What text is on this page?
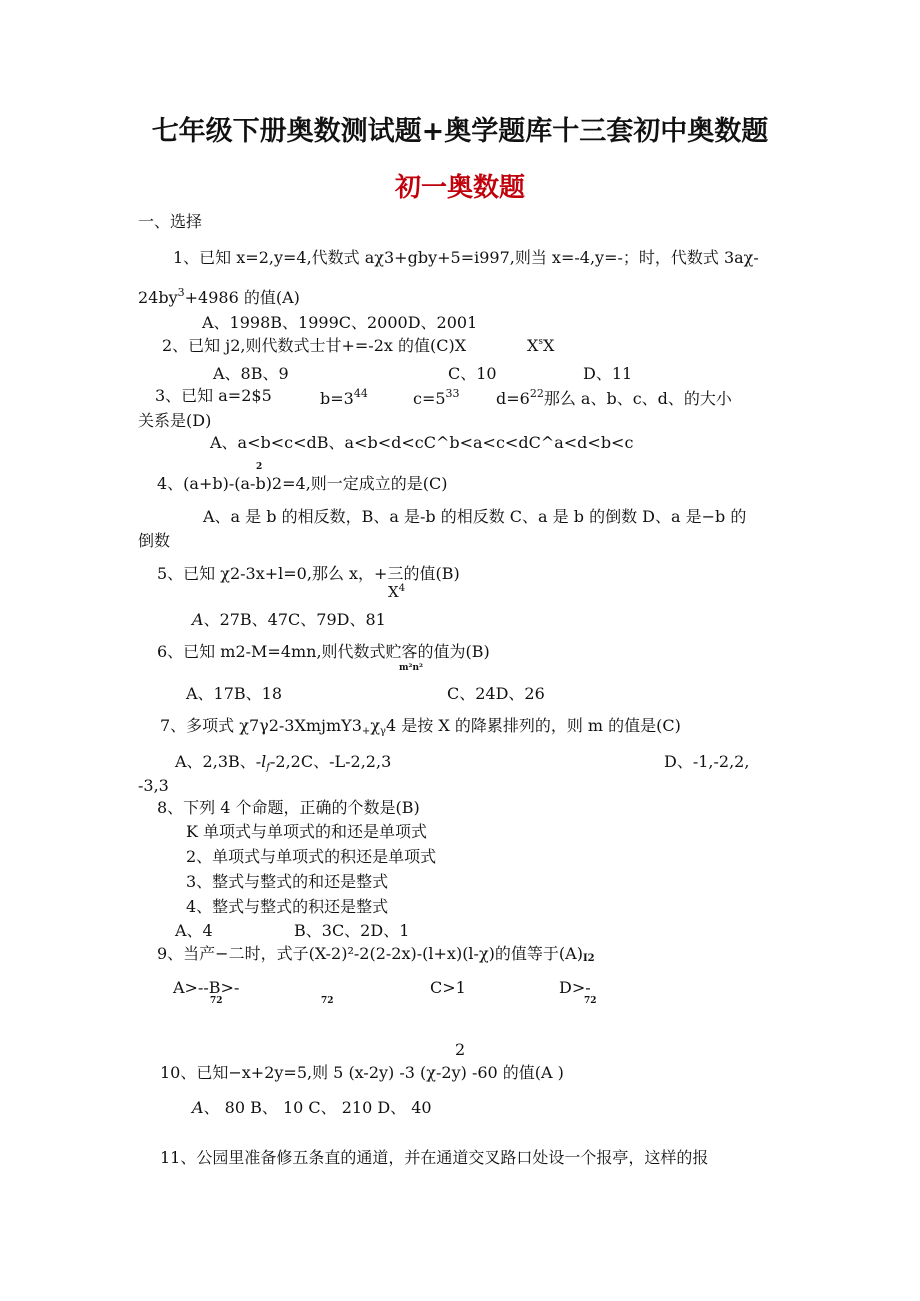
七年级下册奥数测试题+奥学题库十三套初中奥数题
初一奥数题
一、选择
1、已知 x=2,y=4,代数式 aχ3+gby+5=i997,则当 x=-4,y=-；时，代数式 3aχ-
$24by^3+4986$ 的值(A)
A、1998B、1999C、2000D、2001
2、已知 j2,则代数式士甘+=-2x 的值(C)X	$X^sX$
A、8B、9	C、10	D、11
3、已知 a=2$5	$b=3^{44}$	$c=5^{33}$ $d=6^{22}$那么 a、b、c、d、的大小
关系是(D)
A、a<b<c<dB、a<b<d<cC^b<a<c<dC^a<d<b<c
2
4、(a+b)-(a-b)2=4,则一定成立的是(C)
A、a 是 b 的相反数，B、a 是-b 的相反数 C、a 是 b 的倒数 D、a 是−b 的
倒数
5、已知 χ2-3x+l=0,那么 x，+三的值(B)
$X^4$
A、27B、47C、79D、81
6、已知 m2-M=4mn,则代数式贮客的值为(B)
m²n²
A、17B、18	C、24D、26
7、多项式 χ7γ2-3XmjmY3+χγ4 是按 X 的降累排列的，则 m 的值是(C)
A、2,3B、-lf-2,2C、-L-2,2,3	D、-1,-2,2,
-3,3
8、下列 4 个命题，正确的个数是(B)
K 单项式与单项式的和还是单项式
2、单项式与单项式的积还是单项式
3、整式与整式的和还是整式
4、整式与整式的积还是整式
A、4	B、3C、2D、1
9、当产−二时，式子(X-2)²-2(2-2x)-(l+x)(l-χ)的值等于(A)I2
A>--B>-	C>1	D>-
72	72	72
2
10、已知−x+2y=5,则 5 (x-2y) -3 (χ-2y) -60 的值(A )
A、 80 B、 10 C、 210 D、 40
11、公园里准备修五条直的通道，并在通道交叉路口处设一个报亭，这样的报
